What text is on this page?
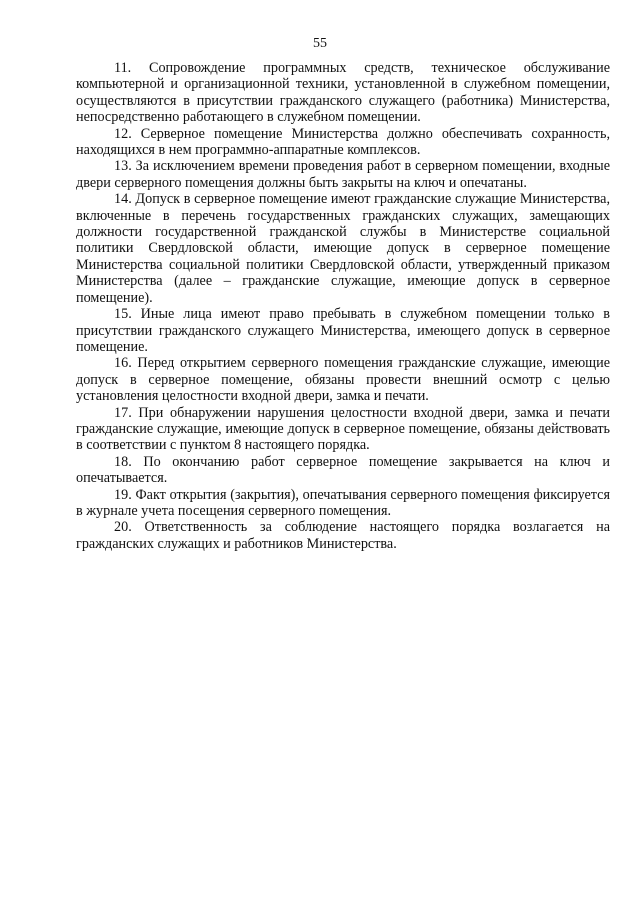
55

11. Сопровождение программных средств, техническое обслуживание компьютерной и организационной техники, установленной в служебном помещении, осуществляются в присутствии гражданского служащего (работника) Министерства, непосредственно работающего в служебном помещении.

12. Серверное помещение Министерства должно обеспечивать сохранность, находящихся в нем программно-аппаратные комплексов.

13. За исключением времени проведения работ в серверном помещении, входные двери серверного помещения должны быть закрыты на ключ и опечатаны.

14. Допуск в серверное помещение имеют гражданские служащие Министерства, включенные в перечень государственных гражданских служащих, замещающих должности государственной гражданской службы в Министерстве социальной политики Свердловской области, имеющие допуск в серверное помещение Министерства социальной политики Свердловской области, утвержденный приказом Министерства (далее – гражданские служащие, имеющие допуск в серверное помещение).

15. Иные лица имеют право пребывать в служебном помещении только в присутствии гражданского служащего Министерства, имеющего допуск в серверное помещение.

16. Перед открытием серверного помещения гражданские служащие, имеющие допуск в серверное помещение, обязаны провести внешний осмотр с целью установления целостности входной двери, замка и печати.

17. При обнаружении нарушения целостности входной двери, замка и печати гражданские служащие, имеющие допуск в серверное помещение, обязаны действовать в соответствии с пунктом 8 настоящего порядка.

18. По окончанию работ серверное помещение закрывается на ключ и опечатывается.

19. Факт открытия (закрытия), опечатывания серверного помещения фиксируется в журнале учета посещения серверного помещения.

20. Ответственность за соблюдение настоящего порядка возлагается на гражданских служащих и работников Министерства.
